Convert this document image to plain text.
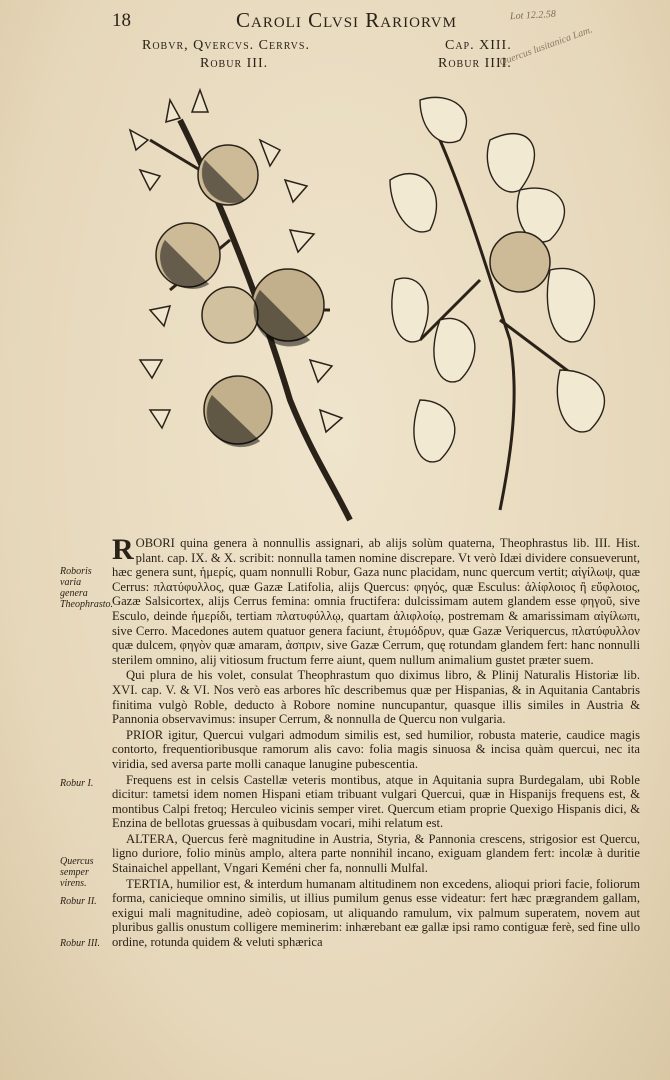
18	Caroli Clvsi Rariorvm	Lot 12.2.58
Quercus lusitanica Lam.
Robvr, Qvercvs. Cerrvs.
Robur III.
Cap. XIII.
Robur IIII.
Roboris varia genera Theophrasto.
Robur I.
Quercus semper virens.
Robur II.
Robur III.

ROBORI quina genera à nonnullis assignari, ab alijs solùm quaterna, Theophrastus lib. III. Hist. plant. cap. IX. & X. scribit: nonnulla tamen nomine discrepare. Vt verò Idæi dividere consueverunt, hæc genera sunt, ἡμερίς, quam nonnulli Robur, Gaza nunc placidam, nunc quercum vertit; αἰγίλωψ, quæ Cerrus: πλατύφυλλος, quæ Gazæ Latifolia, alijs Quercus: φηγός, quæ Esculus: ἁλίφλοιος ἢ εὔφλοιος, Gazæ Salsicortex, alijs Cerrus femina: omnia fructifera: dulcissimam autem glandem esse φηγοῦ, sive Esculo, deinde ἡμερίδι, tertiam πλατυφύλλῳ, quartam ἁλιφλοίῳ, postremam & amarissimam αἰγίλωπι, sive Cerro. Macedones autem quatuor genera faciunt, ἐτυμόδρυν, quæ Gazæ Veriquercus, πλατύφυλλον quæ dulcem, φηγὸν quæ amaram, ἀσπριν, sive Gazæ Cerrum, quę rotundam glandem fert: hanc nonnulli sterilem omnino, alij vitiosum fructum ferre aiunt, quem nullum animalium gustet præter suem.

Qui plura de his volet, consulat Theophrastum quo diximus libro, & Plinij Naturalis Historiæ lib. XVI. cap. V. & VI. Nos verò eas arbores hîc describemus quæ per Hispanias, & in Aquitania Cantabris finitima vulgò Roble, deducto à Robore nomine nuncupantur, quasque illis similes in Austria & Pannonia observavimus: insuper Cerrum, & nonnulla de Quercu non vulgaria.

PRIOR igitur, Quercui vulgari admodum similis est, sed humilior, robusta materie, caudice magis contorto, frequentioribusque ramorum alis cavo: folia magis sinuosa & incisa quàm quercui, nec ita viridia, sed aversa parte molli canaque lanugine pubescentia.

Frequens est in celsis Castellæ veteris montibus, atque in Aquitania supra Burdegalam, ubi Roble dicitur: tametsi idem nomen Hispani etiam tribuant vulgari Quercui, quæ in Hispanijs frequens est, & montibus Calpi fretoq; Herculeo vicinis semper viret. Quercum etiam proprie Quexigo Hispanis dici, & Enzina de bellotas gruessas à quibusdam vocari, mihi relatum est.

ALTERA, Quercus ferè magnitudine in Austria, Styria, & Pannonia crescens, strigosior est Quercu, ligno duriore, folio minùs amplo, altera parte nonnihil incano, exiguam glandem fert: incolæ à duritie Stainaichel appellant, Vngari Keméni cher fa, nonnulli Mulfal.

TERTIA, humilior est, & interdum humanam altitudinem non excedens, alioqui priori facie, foliorum forma, canicieque omnino similis, ut illius pumilum genus esse videatur: fert hæc prægrandem gallam, exigui mali magnitudine, adeò copiosam, ut aliquando ramulum, vix palmum superatem, novem aut pluribus gallis onustum colligere meminerim: inhærebant eæ gallæ ipsi ramo contiguæ ferè, sed fine ullo ordine, rotunda quidem & veluti sphærica
